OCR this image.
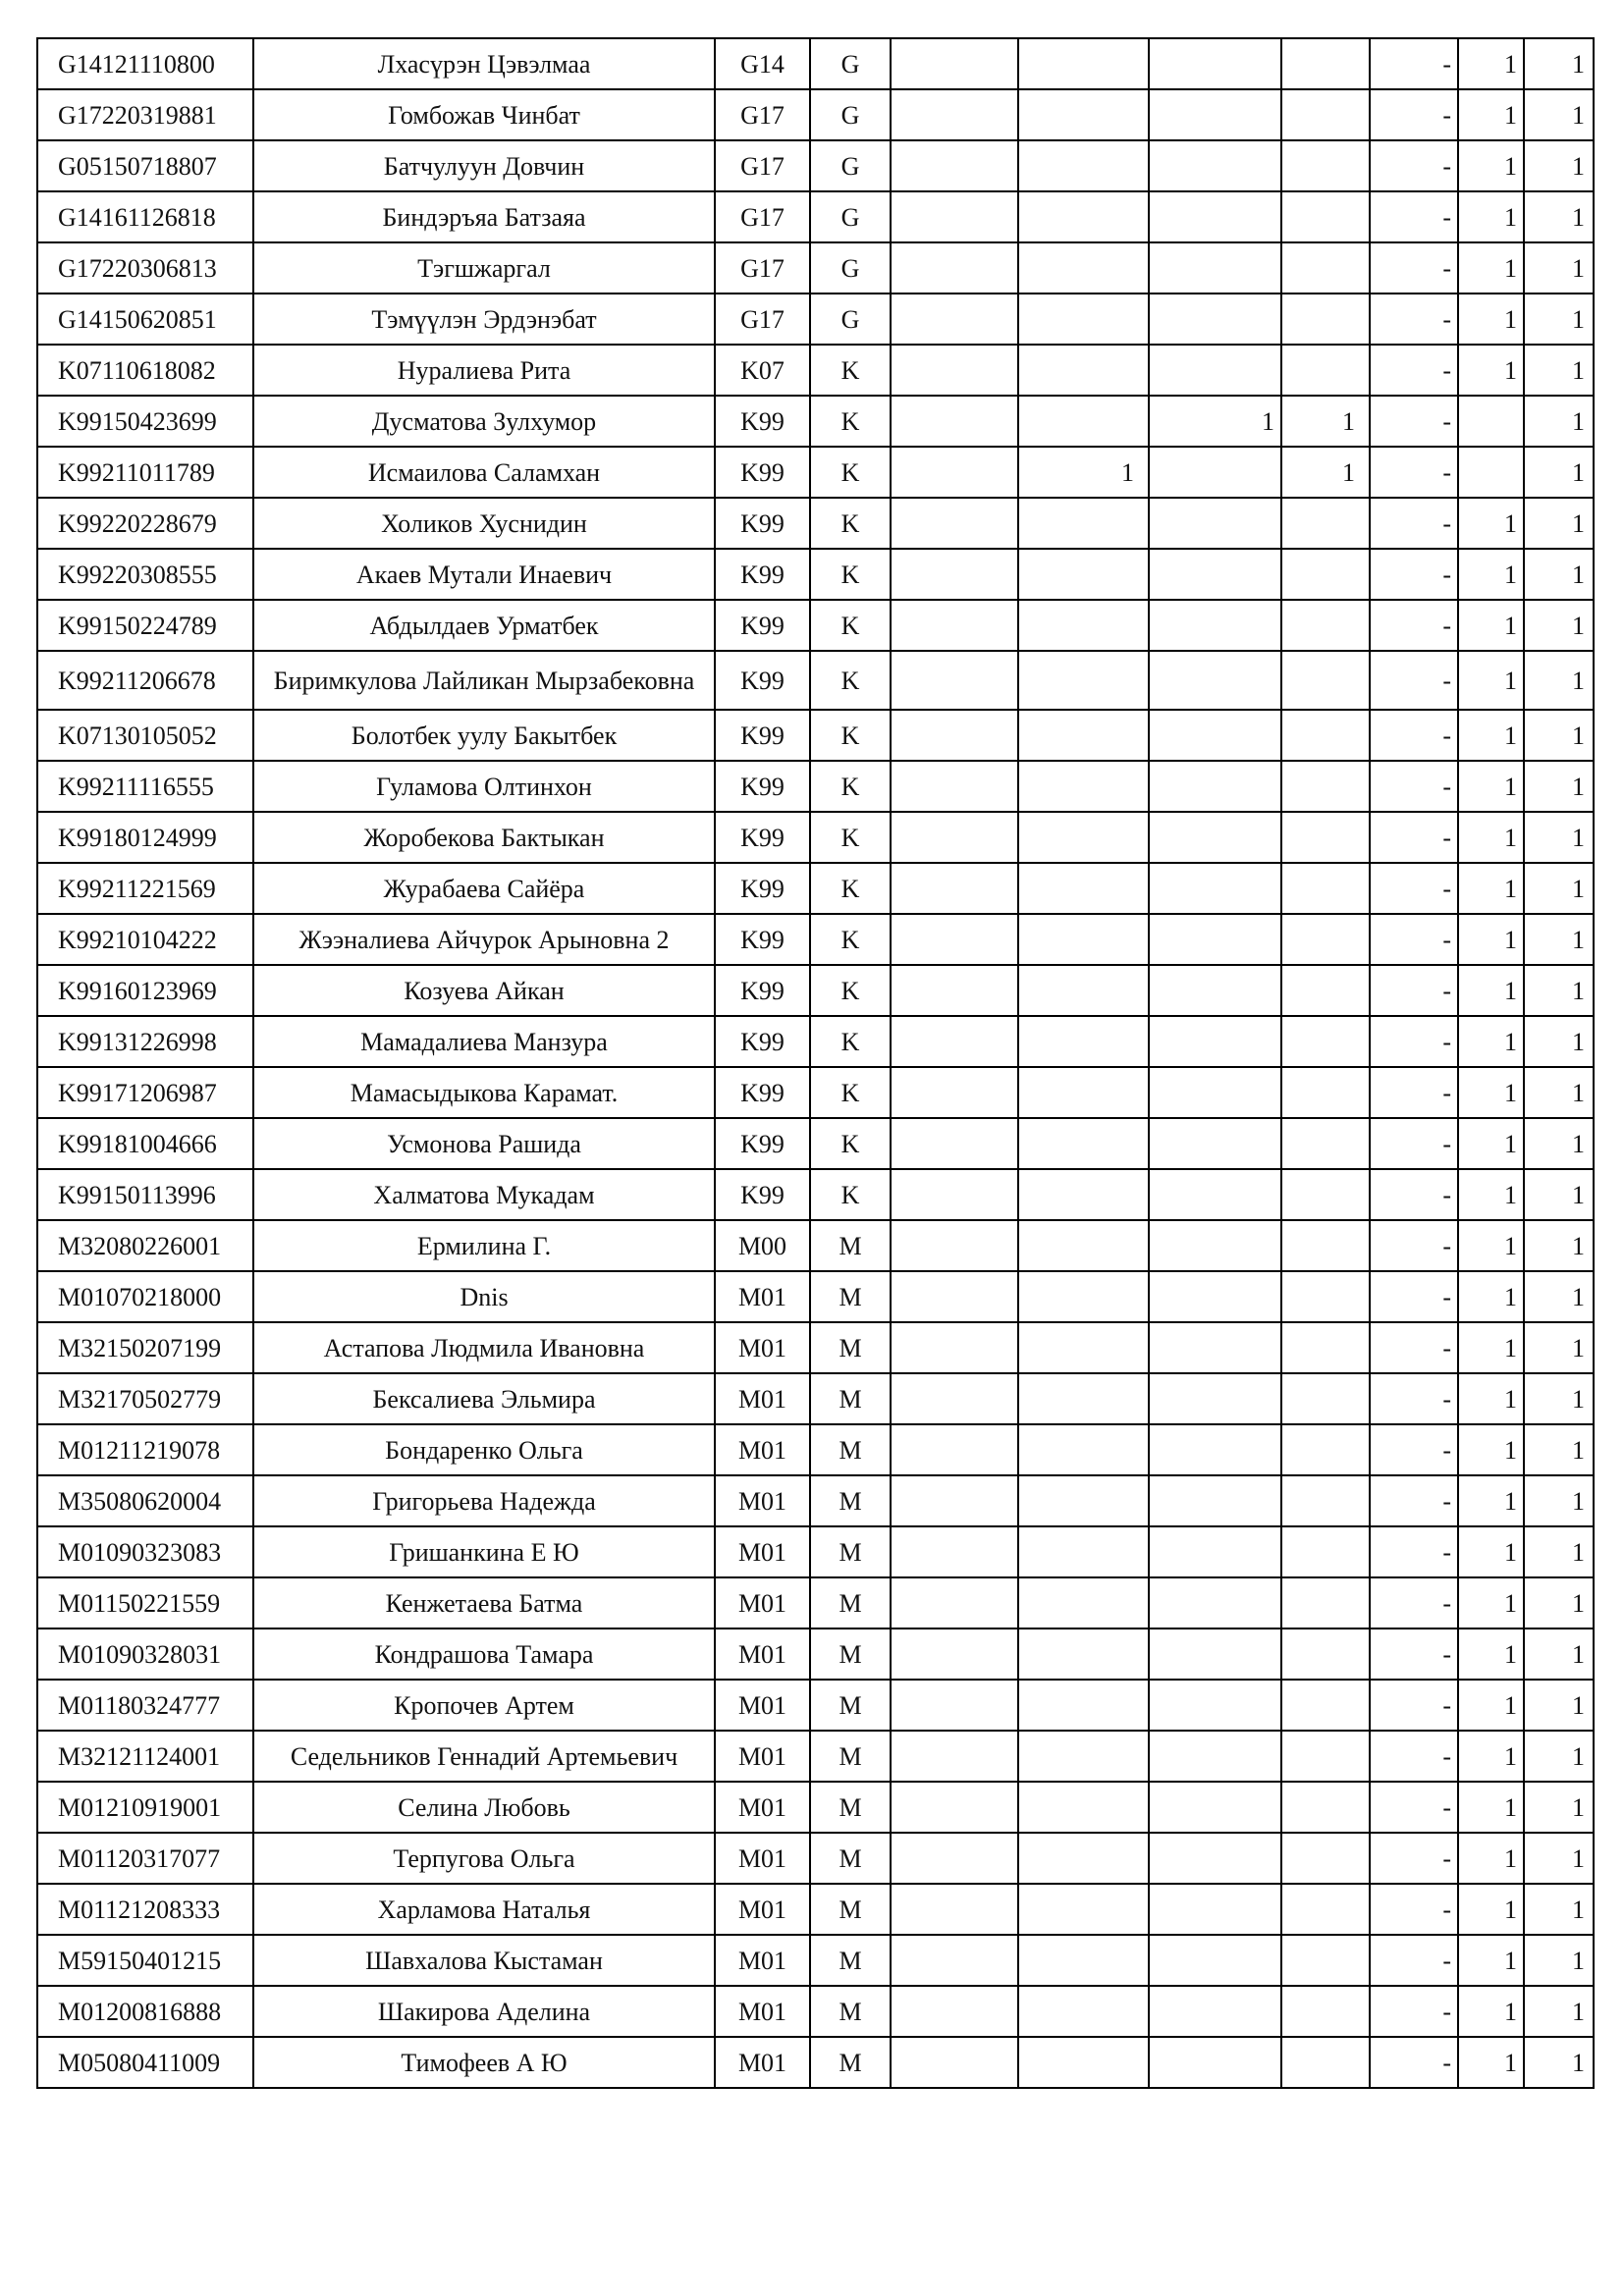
G14121110800	Лхасүрэн Цэвэлмаа	G14	G					-	1	1
G17220319881	Гомбожав Чинбат	G17	G					-	1	1
G05150718807	Батчулуун Довчин	G17	G					-	1	1
G14161126818	Биндэръяа Батзаяа	G17	G					-	1	1
G17220306813	Тэгшжаргал	G17	G					-	1	1
G14150620851	Тэмүүлэн Эрдэнэбат	G17	G					-	1	1
K07110618082	Нуралиева Рита	K07	K					-	1	1
K99150423699	Дусматова Зулхумор	K99	K			1	1	-		1
K99211011789	Исмаилова Саламхан	K99	K		1		1	-		1
K99220228679	Холиков Хуснидин	K99	K					-	1	1
K99220308555	Акаев Мутали Инаевич	K99	K					-	1	1
K99150224789	Абдылдаев Урматбек	K99	K					-	1	1
K99211206678	Биримкулова Лайликан Мырзабековна	K99	K					-	1	1
K07130105052	Болотбек уулу Бакытбек	K99	K					-	1	1
K99211116555	Гуламова Олтинхон	K99	K					-	1	1
K99180124999	Жоробекова Бактыкан	K99	K					-	1	1
K99211221569	Журабаева Сайёра	K99	K					-	1	1
K99210104222	Жээналиева Айчурок Арыновна 2	K99	K					-	1	1
K99160123969	Козуева Айкан	K99	K					-	1	1
K99131226998	Мамадалиева Манзура	K99	K					-	1	1
K99171206987	Мамасыдыкова Карамат.	K99	K					-	1	1
K99181004666	Усмонова Рашида	K99	K					-	1	1
K99150113996	Халматова Мукадам	K99	K					-	1	1
M32080226001	Ермилина Г.	M00	M					-	1	1
M01070218000	Dnis	M01	M					-	1	1
M32150207199	Астапова Людмила Ивановна	M01	M					-	1	1
M32170502779	Бексалиева Эльмира	M01	M					-	1	1
M01211219078	Бондаренко Ольга	M01	M					-	1	1
M35080620004	Григорьева Надежда	M01	M					-	1	1
M01090323083	Гришанкина Е Ю	M01	M					-	1	1
M01150221559	Кенжетаева Батма	M01	M					-	1	1
M01090328031	Кондрашова Тамара	M01	M					-	1	1
M01180324777	Кропочев Артем	M01	M					-	1	1
M32121124001	Седельников Геннадий Артемьевич	M01	M					-	1	1
M01210919001	Селина Любовь	M01	M					-	1	1
M01120317077	Терпугова Ольга	M01	M					-	1	1
M01121208333	Харламова Наталья	M01	M					-	1	1
M59150401215	Шавхалова Кыстаман	M01	M					-	1	1
M01200816888	Шакирова Аделина	M01	M					-	1	1
M05080411009	Тимофеев А Ю	M01	M					-	1	1
